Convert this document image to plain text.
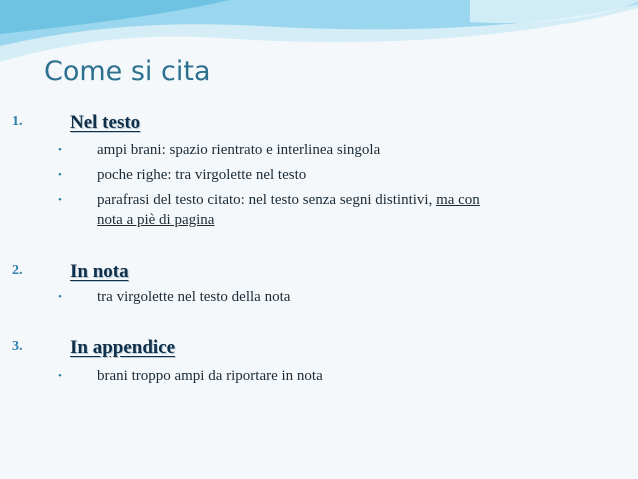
Come si cita
1.	Nel testo
• ampi brani: spazio rientrato e interlinea singola
• poche righe: tra virgolette nel testo
• parafrasi del testo citato: nel testo senza segni distintivi, ma con
nota a piè di pagina
2.	In nota
• tra virgolette nel testo della nota
3.	In appendice
• brani troppo ampi da riportare in nota
